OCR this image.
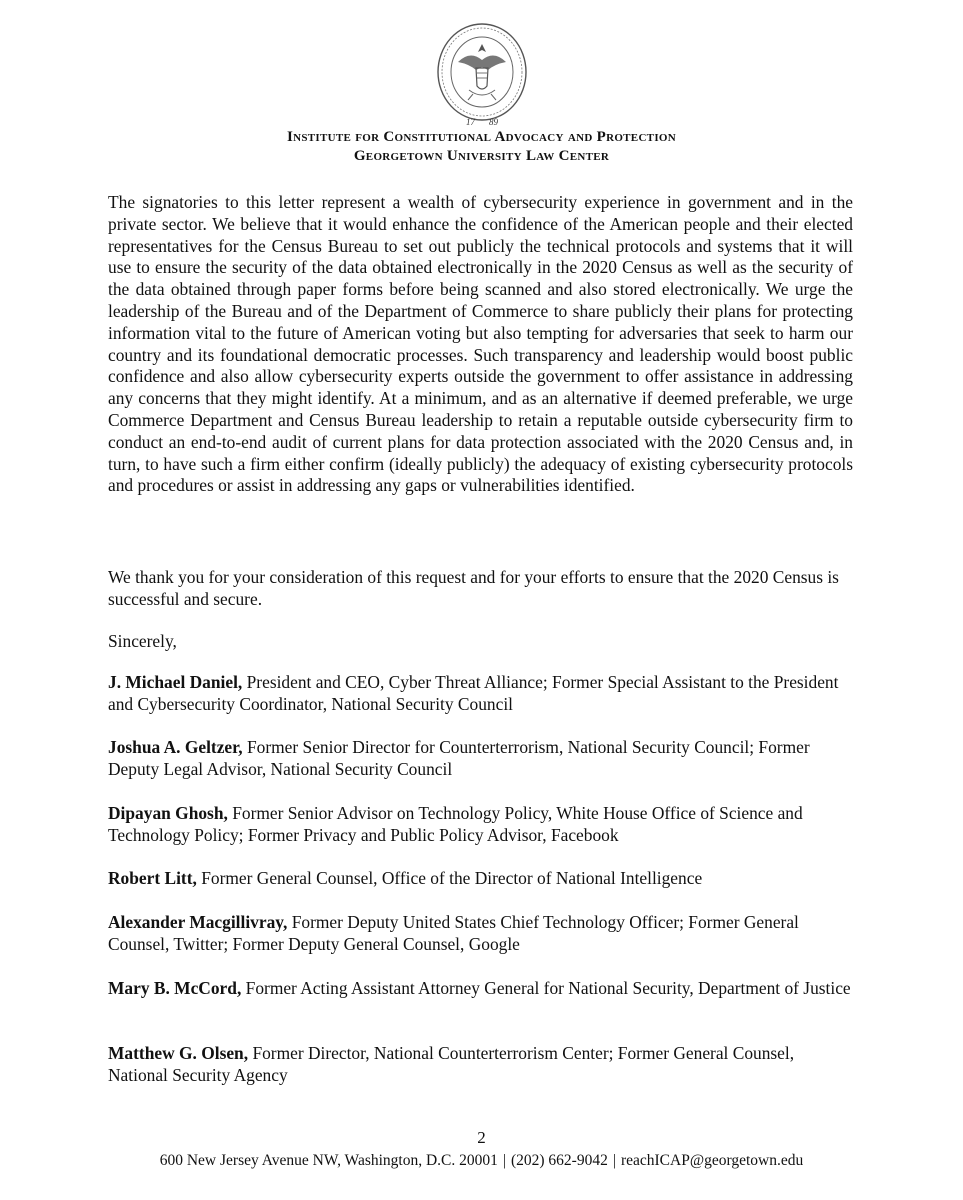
17 89
Institute for Constitutional Advocacy and Protection
Georgetown University Law Center
The signatories to this letter represent a wealth of cybersecurity experience in government and in the private sector. We believe that it would enhance the confidence of the American people and their elected representatives for the Census Bureau to set out publicly the technical protocols and systems that it will use to ensure the security of the data obtained electronically in the 2020 Census as well as the security of the data obtained through paper forms before being scanned and also stored electronically. We urge the leadership of the Bureau and of the Department of Commerce to share publicly their plans for protecting information vital to the future of American voting but also tempting for adversaries that seek to harm our country and its foundational democratic processes. Such transparency and leadership would boost public confidence and also allow cybersecurity experts outside the government to offer assistance in addressing any concerns that they might identify. At a minimum, and as an alternative if deemed preferable, we urge Commerce Department and Census Bureau leadership to retain a reputable outside cybersecurity firm to conduct an end-to-end audit of current plans for data protection associated with the 2020 Census and, in turn, to have such a firm either confirm (ideally publicly) the adequacy of existing cybersecurity protocols and procedures or assist in addressing any gaps or vulnerabilities identified.
We thank you for your consideration of this request and for your efforts to ensure that the 2020 Census is successful and secure.
Sincerely,
J. Michael Daniel, President and CEO, Cyber Threat Alliance; Former Special Assistant to the President and Cybersecurity Coordinator, National Security Council
Joshua A. Geltzer, Former Senior Director for Counterterrorism, National Security Council; Former Deputy Legal Advisor, National Security Council
Dipayan Ghosh, Former Senior Advisor on Technology Policy, White House Office of Science and Technology Policy; Former Privacy and Public Policy Advisor, Facebook
Robert Litt, Former General Counsel, Office of the Director of National Intelligence
Alexander Macgillivray, Former Deputy United States Chief Technology Officer; Former General Counsel, Twitter; Former Deputy General Counsel, Google
Mary B. McCord, Former Acting Assistant Attorney General for National Security, Department of Justice
Matthew G. Olsen, Former Director, National Counterterrorism Center; Former General Counsel, National Security Agency
2
600 New Jersey Avenue NW, Washington, D.C. 20001 | (202) 662-9042 | reachICAP@georgetown.edu
